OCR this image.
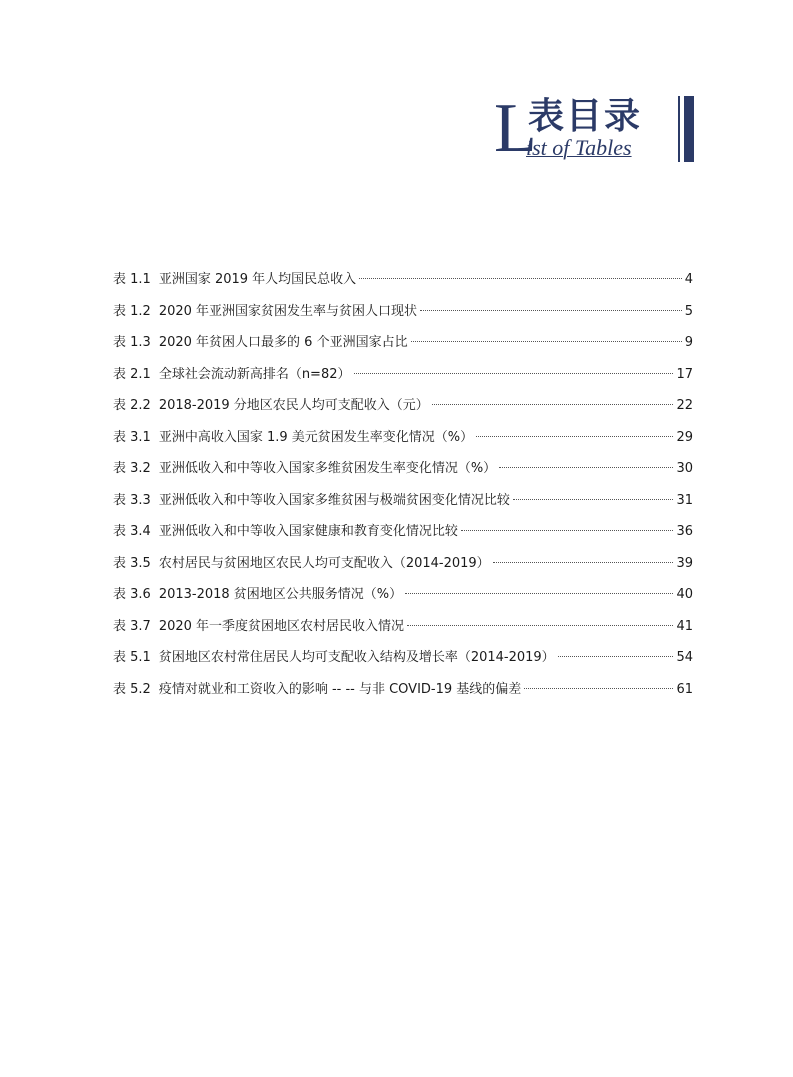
L
表目录
ist of Tables
表 1.1 亚洲国家 2019 年人均国民总收入	4
表 1.2 2020 年亚洲国家贫困发生率与贫困人口现状	5
表 1.3 2020 年贫困人口最多的 6 个亚洲国家占比	9
表 2.1 全球社会流动新高排名（n=82）	17
表 2.2 2018-2019 分地区农民人均可支配收入（元）	22
表 3.1 亚洲中高收入国家 1.9 美元贫困发生率变化情况（%）	29
表 3.2 亚洲低收入和中等收入国家多维贫困发生率变化情况（%）	30
表 3.3 亚洲低收入和中等收入国家多维贫困与极端贫困变化情况比较	31
表 3.4 亚洲低收入和中等收入国家健康和教育变化情况比较	36
表 3.5 农村居民与贫困地区农民人均可支配收入（2014-2019）	39
表 3.6 2013-2018 贫困地区公共服务情况（%）	40
表 3.7 2020 年一季度贫困地区农村居民收入情况	41
表 5.1 贫困地区农村常住居民人均可支配收入结构及增长率（2014-2019）	54
表 5.2 疫情对就业和工资收入的影响 -- -- 与非 COVID-19 基线的偏差	61
